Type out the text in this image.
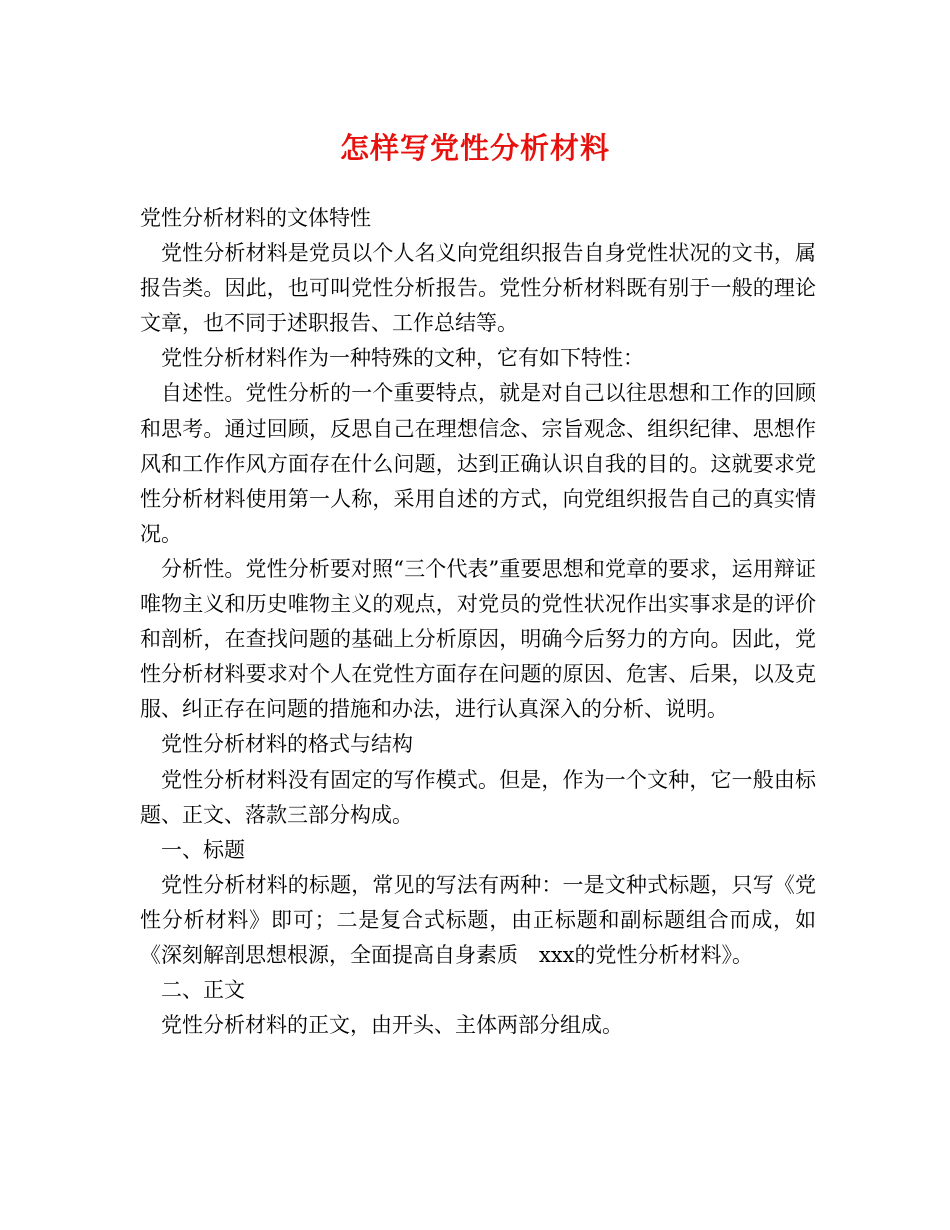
怎样写党性分析材料

党性分析材料的文体特性

党性分析材料是党员以个人名义向党组织报告自身党性状况的文书，属报告类。因此，也可叫党性分析报告。党性分析材料既有别于一般的理论文章，也不同于述职报告、工作总结等。

党性分析材料作为一种特殊的文种，它有如下特性：

自述性。党性分析的一个重要特点，就是对自己以往思想和工作的回顾和思考。通过回顾，反思自己在理想信念、宗旨观念、组织纪律、思想作风和工作作风方面存在什么问题，达到正确认识自我的目的。这就要求党性分析材料使用第一人称，采用自述的方式，向党组织报告自己的真实情况。

分析性。党性分析要对照“三个代表”重要思想和党章的要求，运用辩证唯物主义和历史唯物主义的观点，对党员的党性状况作出实事求是的评价和剖析，在查找问题的基础上分析原因，明确今后努力的方向。因此，党性分析材料要求对个人在党性方面存在问题的原因、危害、后果，以及克服、纠正存在问题的措施和办法，进行认真深入的分析、说明。

党性分析材料的格式与结构

党性分析材料没有固定的写作模式。但是，作为一个文种，它一般由标题、正文、落款三部分构成。

一、标题

党性分析材料的标题，常见的写法有两种：一是文种式标题，只写《党性分析材料》即可；二是复合式标题，由正标题和副标题组合而成，如《深刻解剖思想根源，全面提高自身素质　xxx的党性分析材料》。

二、正文

党性分析材料的正文，由开头、主体两部分组成。
